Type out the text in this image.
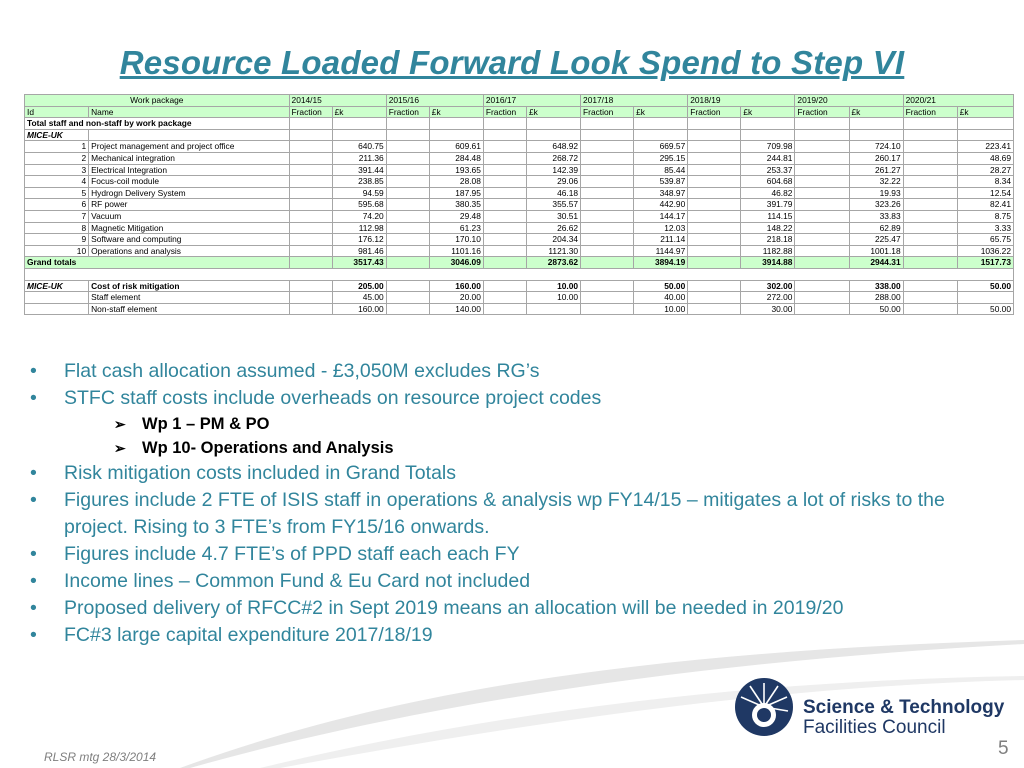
Resource Loaded Forward Look Spend to Step VI
Work package		2014/15		2015/16		2016/17		2017/18		2018/19		2019/20		2020/21	
Id	Name	Fraction	£k	Fraction	£k	Fraction	£k	Fraction	£k	Fraction	£k	Fraction	£k	Fraction	£k
Total staff and non-staff by work package															
MICE-UK															
1	Project management and project office		640.75		609.61		648.92		669.57		709.98		724.10		223.41
2	Mechanical integration		211.36		284.48		268.72		295.15		244.81		260.17		48.69
3	Electrical Integration		391.44		193.65		142.39		85.44		253.37		261.27		28.27
4	Focus-coil module		238.85		28.08		29.06		539.87		604.68		32.22		8.34
5	Hydrogn Delivery System		94.59		187.95		46.18		348.97		46.82		19.93		12.54
6	RF power		595.68		380.35		355.57		442.90		391.79		323.26		82.41
7	Vacuum		74.20		29.48		30.51		144.17		114.15		33.83		8.75
8	Magnetic Mitigation		112.98		61.23		26.62		12.03		148.22		62.89		3.33
9	Software and computing		176.12		170.10		204.34		211.14		218.18		225.47		65.75
10	Operations and analysis		981.46		1101.16		1121.30		1144.97		1182.88		1001.18		1036.22
Grand totals			3517.43		3046.09		2873.62		3894.19		3914.88		2944.31		1517.73

MICE-UK	Cost of risk mitigation		205.00		160.00		10.00		50.00		302.00		338.00		50.00
	Staff element		45.00		20.00		10.00		40.00		272.00		288.00		
	Non-staff element		160.00		140.00				10.00		30.00		50.00		50.00
• Flat cash allocation assumed - £3,050M excludes RG’s
• STFC staff costs include overheads on resource project codes
➢ Wp 1 – PM & PO
➢ Wp 10- Operations and Analysis
• Risk mitigation costs included in Grand Totals
• Figures include 2 FTE of ISIS staff in operations & analysis wp FY14/15 – mitigates a lot of risks to the project. Rising to 3 FTE’s from FY15/16 onwards.
• Figures include 4.7 FTE’s of PPD staff each each FY
• Income lines – Common Fund & Eu Card not included
• Proposed delivery of RFCC#2 in Sept 2019 means an allocation will be needed in 2019/20
• FC#3 large capital expenditure 2017/18/19
Science & Technology
Facilities Council
RLSR mtg 28/3/2014	5
